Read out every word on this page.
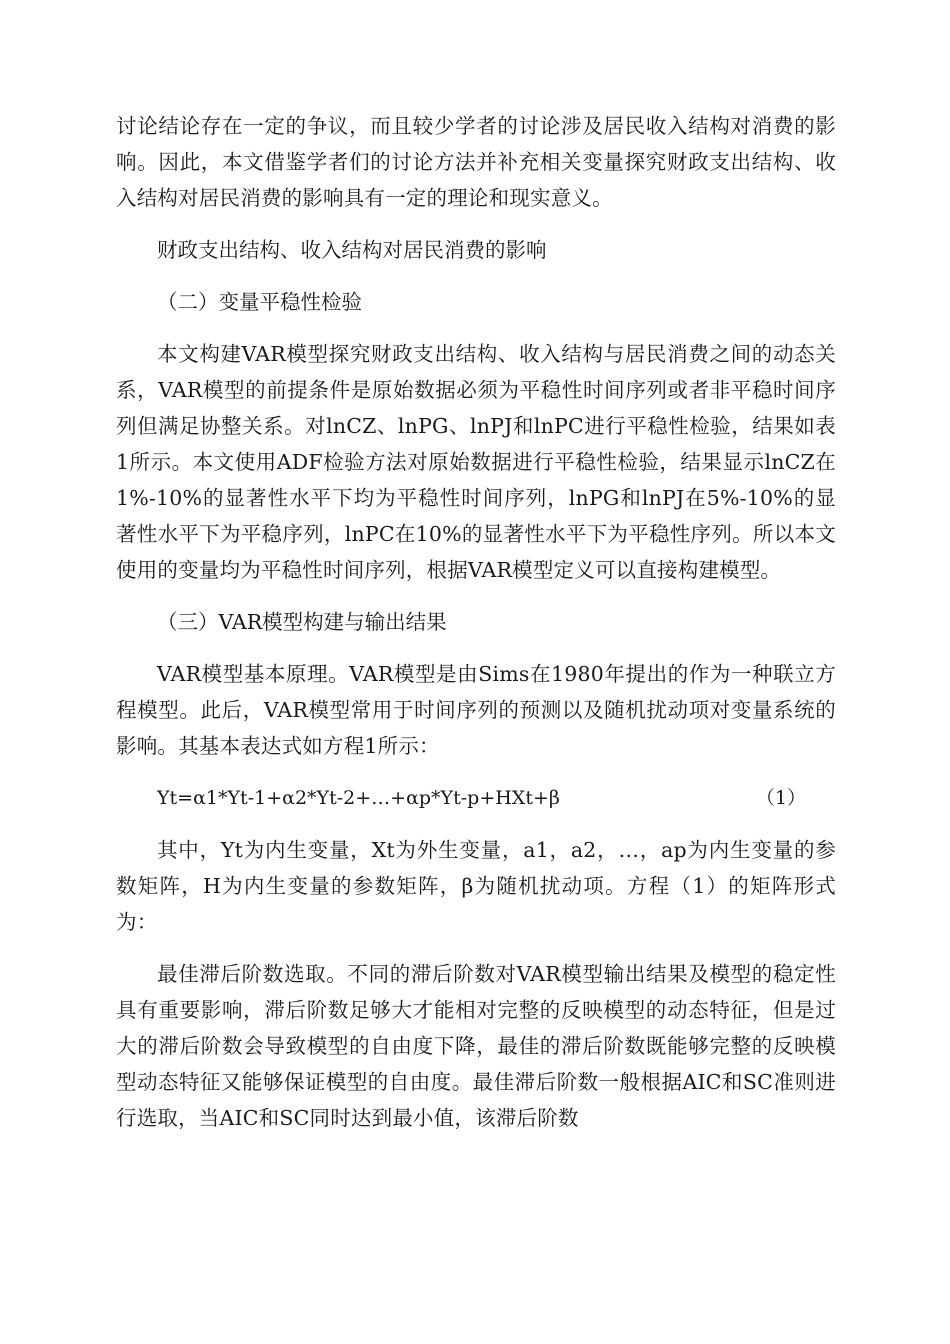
讨论结论存在一定的争议，而且较少学者的讨论涉及居民收入结构对消费的影响。因此，本文借鉴学者们的讨论方法并补充相关变量探究财政支出结构、收入结构对居民消费的影响具有一定的理论和现实意义。

财政支出结构、收入结构对居民消费的影响

（二）变量平稳性检验

本文构建VAR模型探究财政支出结构、收入结构与居民消费之间的动态关系，VAR模型的前提条件是原始数据必须为平稳性时间序列或者非平稳时间序列但满足协整关系。对lnCZ、lnPG、lnPJ和lnPC进行平稳性检验，结果如表1所示。本文使用ADF检验方法对原始数据进行平稳性检验，结果显示lnCZ在1%-10%的显著性水平下均为平稳性时间序列，lnPG和lnPJ在5%-10%的显著性水平下为平稳序列，lnPC在10%的显著性水平下为平稳性序列。所以本文使用的变量均为平稳性时间序列，根据VAR模型定义可以直接构建模型。

（三）VAR模型构建与输出结果

VAR模型基本原理。VAR模型是由Sims在1980年提出的作为一种联立方程模型。此后，VAR模型常用于时间序列的预测以及随机扰动项对变量系统的影响。其基本表达式如方程1所示：

Yt=α1*Yt-1+α2*Yt-2+…+αp*Yt-p+HXt+β	（1）

其中，Yt为内生变量，Xt为外生变量，a1，a2，…，ap为内生变量的参数矩阵，H为内生变量的参数矩阵，β为随机扰动项。方程（1）的矩阵形式为：

最佳滞后阶数选取。不同的滞后阶数对VAR模型输出结果及模型的稳定性具有重要影响，滞后阶数足够大才能相对完整的反映模型的动态特征，但是过大的滞后阶数会导致模型的自由度下降，最佳的滞后阶数既能够完整的反映模型动态特征又能够保证模型的自由度。最佳滞后阶数一般根据AIC和SC准则进行选取，当AIC和SC同时达到最小值，该滞后阶数
